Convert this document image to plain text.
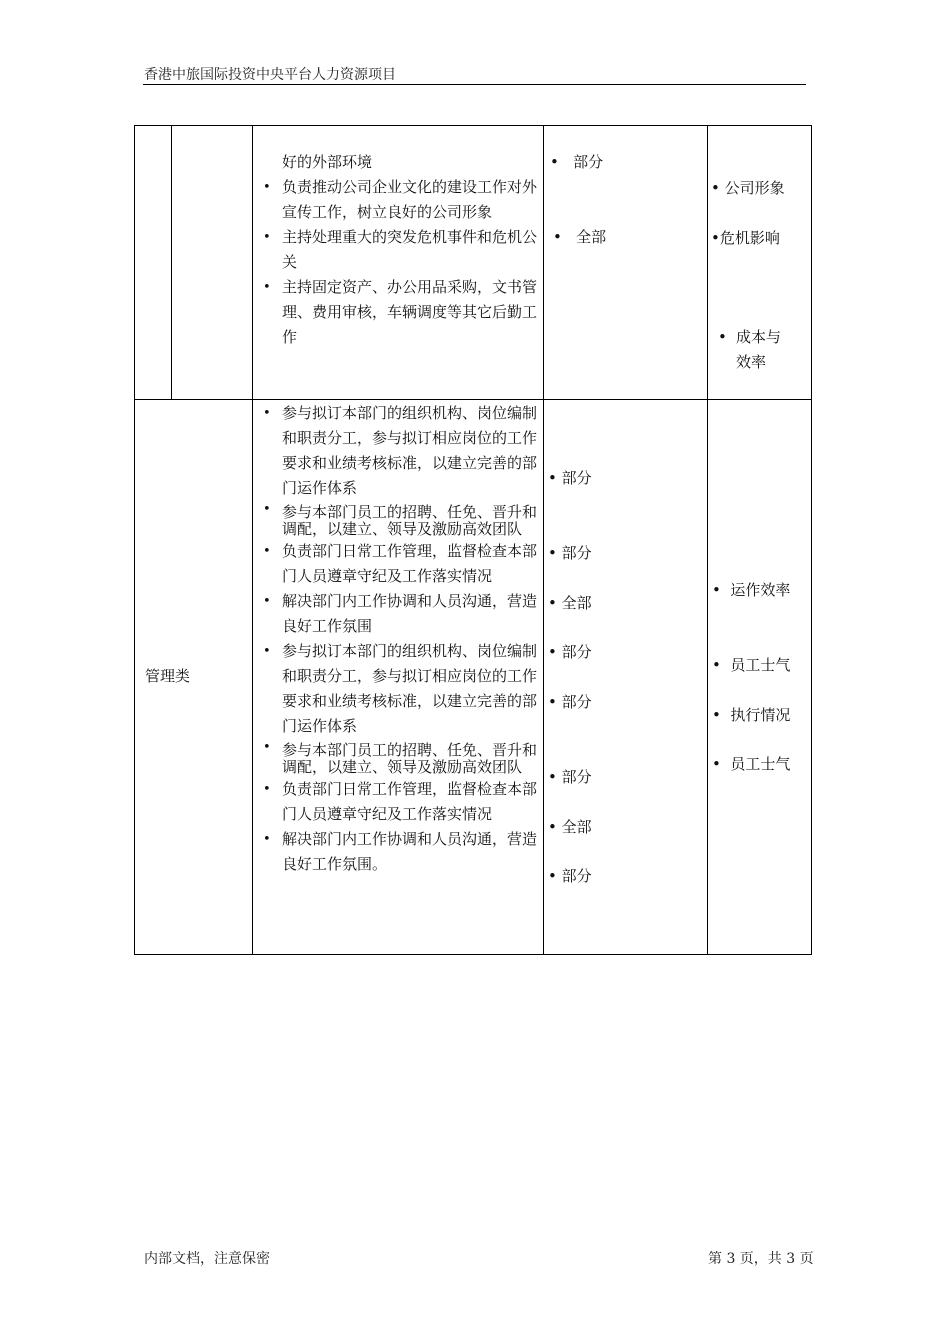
香港中旅国际投资中央平台人力资源项目

好的外部环境
• 负责推动公司企业文化的建设工作对外宣传工作，树立良好的公司形象
• 主持处理重大的突发危机事件和危机公关
• 主持固定资产、办公用品采购，文书管理、费用审核，车辆调度等其它后勤工作

•   部分
•   全部

• 公司形象
•危机影响
• 成本与效率
管理类

• 参与拟订本部门的组织机构、岗位编制和职责分工，参与拟订相应岗位的工作要求和业绩考核标准，以建立完善的部门运作体系
• 参与本部门员工的招聘、任免、晋升和调配，以建立、领导及激励高效团队
• 负责部门日常工作管理，监督检查本部门人员遵章守纪及工作落实情况
• 解决部门内工作协调和人员沟通，营造良好工作氛围
• 参与拟订本部门的组织机构、岗位编制和职责分工，参与拟订相应岗位的工作要求和业绩考核标准，以建立完善的部门运作体系
• 参与本部门员工的招聘、任免、晋升和调配，以建立、领导及激励高效团队
• 负责部门日常工作管理，监督检查本部门人员遵章守纪及工作落实情况
• 解决部门内工作协调和人员沟通，营造良好工作氛围。

• 部分
• 部分
• 全部
• 部分
• 部分
• 部分
• 全部
• 部分

•  运作效率
•  员工士气
•  执行情况
•  员工士气
内部文档，注意保密	第 3 页，共 3 页
